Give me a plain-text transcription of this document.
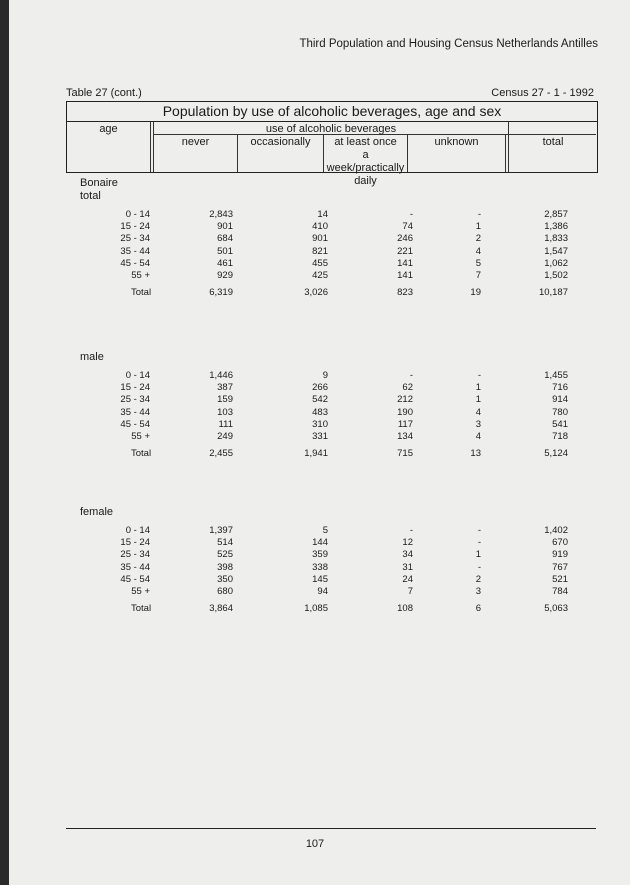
Third Population and Housing Census Netherlands Antilles
Table 27 (cont.)	Census 27 - 1 - 1992
Population by use of alcoholic beverages, age and sex
age	use of alcoholic beverages
never	occasionally	at least once
a week/practically
daily
unknown	total
Bonaire
total
0 - 14	2,843	14	-	-	2,857
15 - 24	901	410	74	1	1,386
25 - 34	684	901	246	2	1,833
35 - 44	501	821	221	4	1,547
45 - 54	461	455	141	5	1,062
55 +	929	425	141	7	1,502
Total	6,319	3,026	823	19	10,187
male
0 - 14	1,446	9	-	-	1,455
15 - 24	387	266	62	1	716
25 - 34	159	542	212	1	914
35 - 44	103	483	190	4	780
45 - 54	111	310	117	3	541
55 +	249	331	134	4	718
Total	2,455	1,941	715	13	5,124
female
0 - 14	1,397	5	-	-	1,402
15 - 24	514	144	12	-	670
25 - 34	525	359	34	1	919
35 - 44	398	338	31	-	767
45 - 54	350	145	24	2	521
55 +	680	94	7	3	784
Total	3,864	1,085	108	6	5,063
107
